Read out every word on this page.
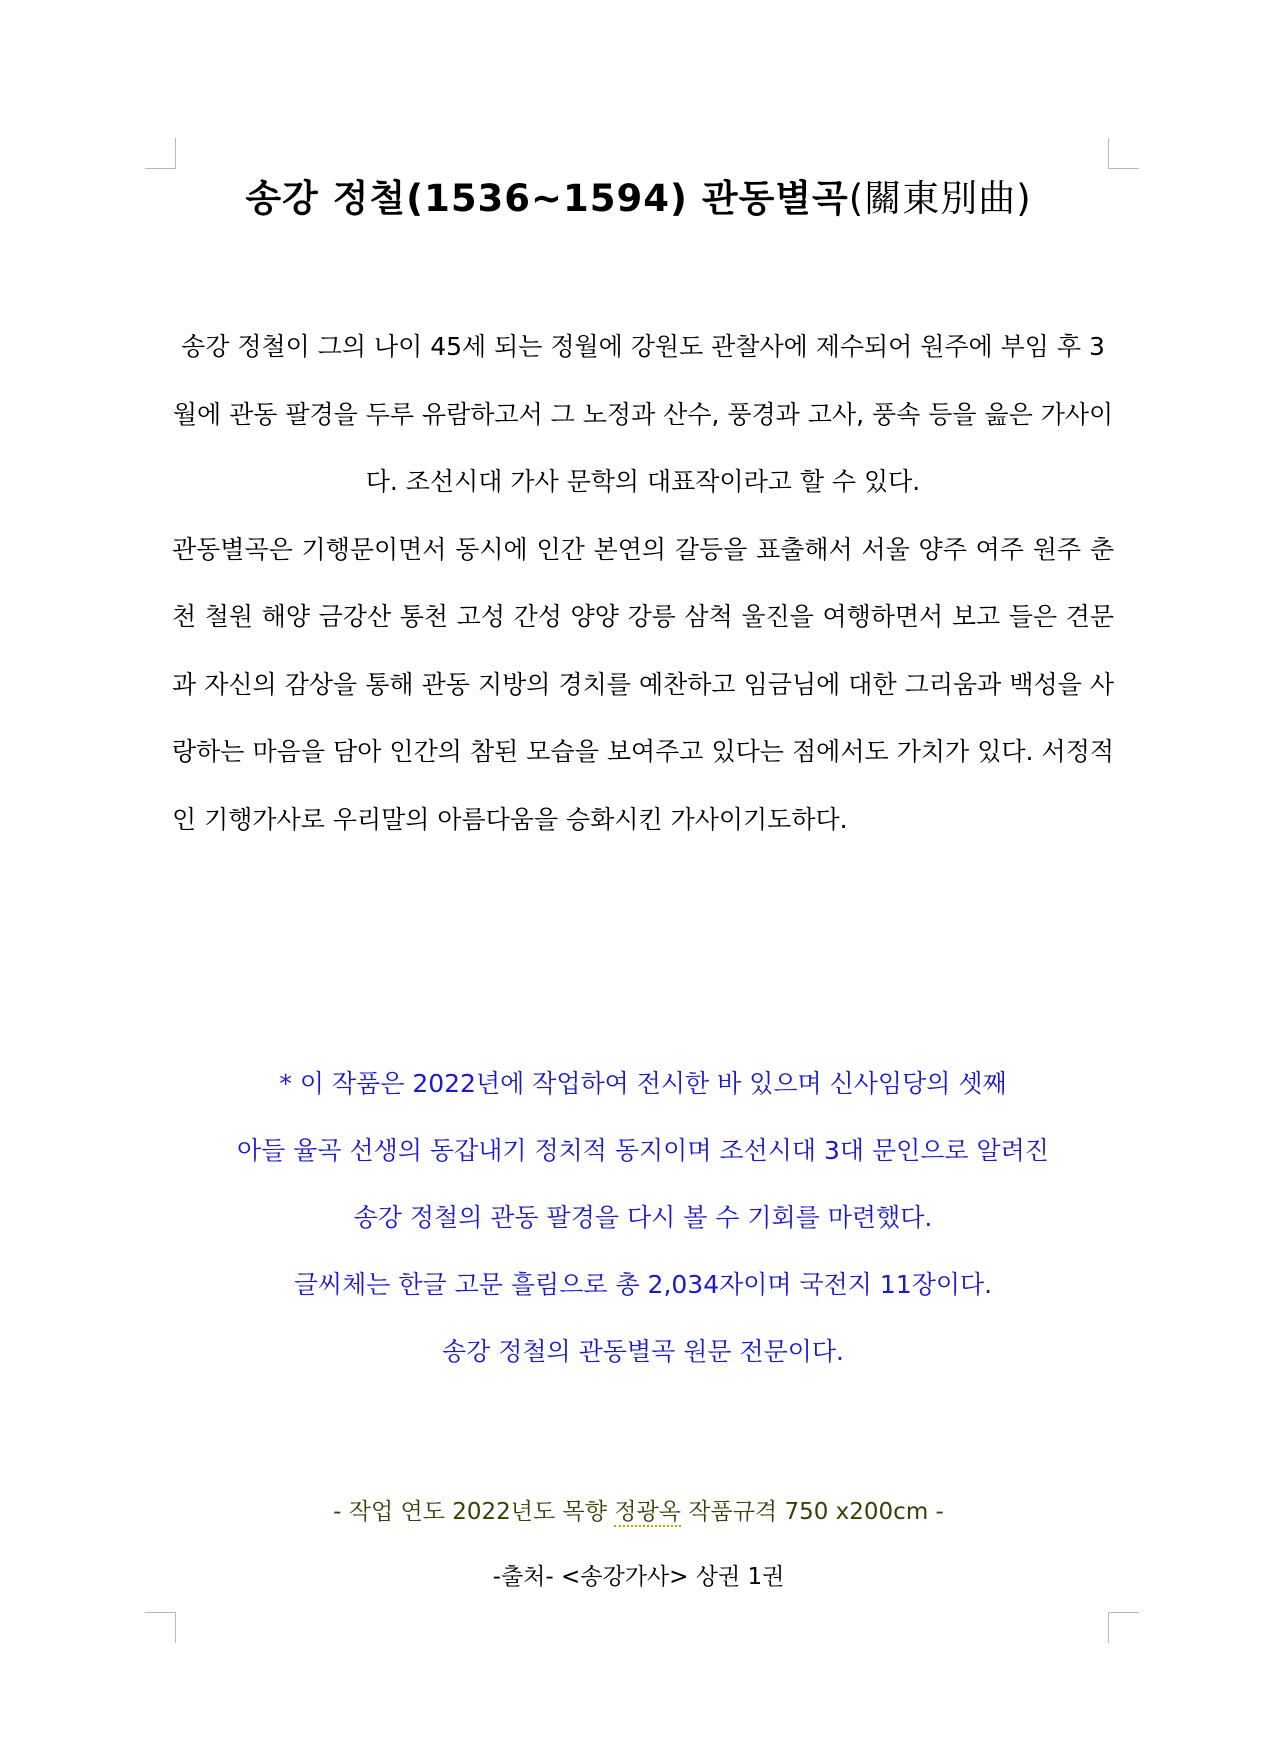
송강 정철(1536~1594) 관동별곡(關東別曲)

송강 정철이 그의 나이 45세 되는 정월에 강원도 관찰사에 제수되어 원주에 부임 후 3월에 관동 팔경을 두루 유람하고서 그 노정과 산수, 풍경과 고사, 풍속 등을 읊은 가사이다. 조선시대 가사 문학의 대표작이라고 할 수 있다.

관동별곡은 기행문이면서 동시에 인간 본연의 갈등을 표출해서 서울 양주 여주 원주 춘천 철원 해양 금강산 통천 고성 간성 양양 강릉 삼척 울진을 여행하면서 보고 들은 견문과 자신의 감상을 통해 관동 지방의 경치를 예찬하고 임금님에 대한 그리움과 백성을 사랑하는 마음을 담아 인간의 참된 모습을 보여주고 있다는 점에서도 가치가 있다. 서정적인 기행가사로 우리말의 아름다움을 승화시킨 가사이기도하다.

* 이 작품은 2022년에 작업하여 전시한 바 있으며 신사임당의 셋째

아들 율곡 선생의 동갑내기 정치적 동지이며 조선시대 3대 문인으로 알려진

송강 정철의 관동 팔경을 다시 볼 수 기회를 마련했다.

글씨체는 한글 고문 흘림으로 총 2,034자이며 국전지 11장이다.

송강 정철의 관동별곡 원문 전문이다.

- 작업 연도 2022년도 목향 정광옥 작품규격 750 x200cm -

-출처- <송강가사> 상권 1권
